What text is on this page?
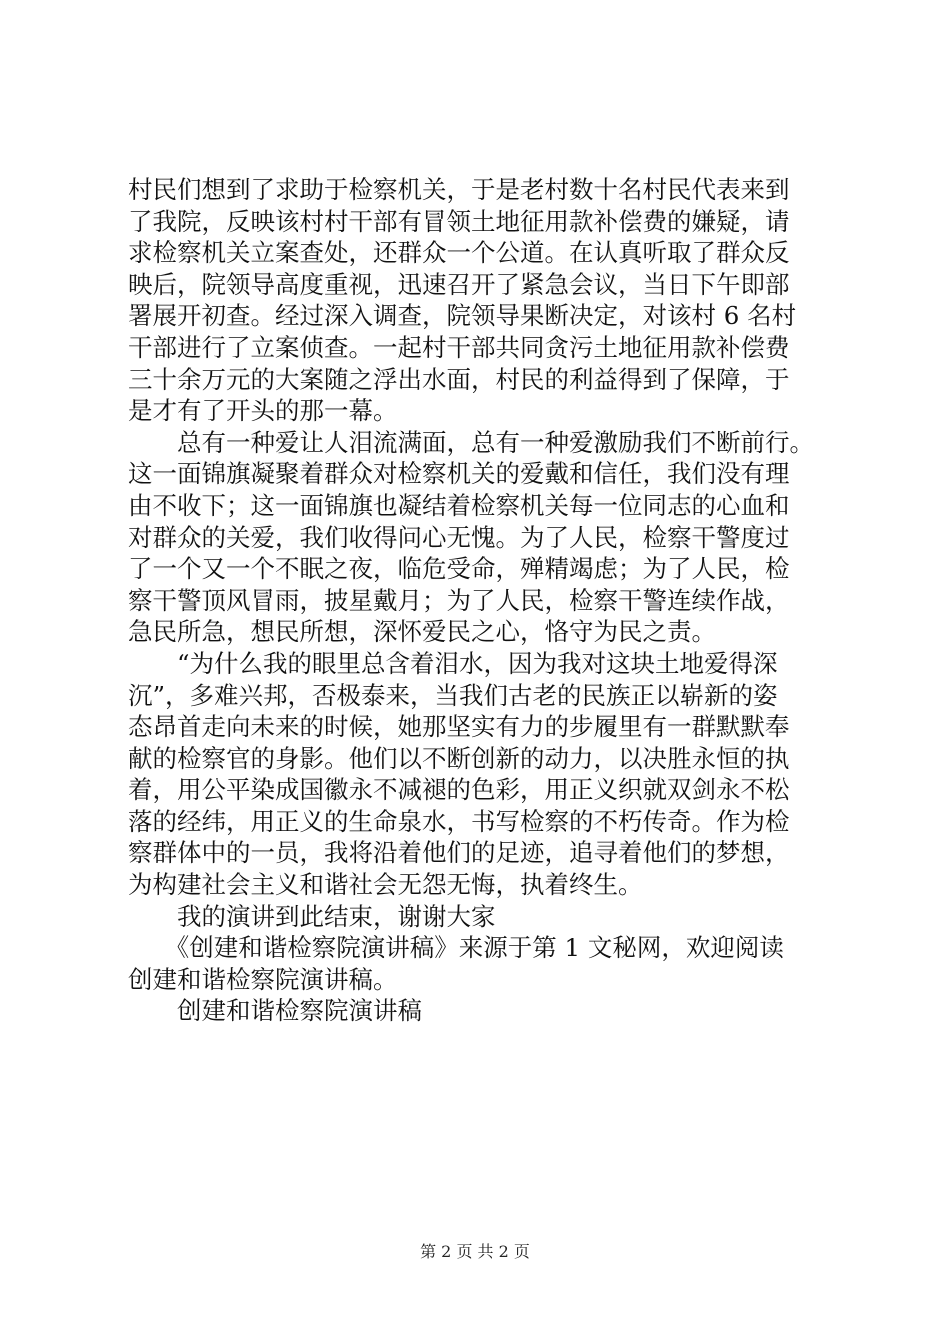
村民们想到了求助于检察机关，于是老村数十名村民代表来到
了我院，反映该村村干部有冒领土地征用款补偿费的嫌疑，请
求检察机关立案查处，还群众一个公道。在认真听取了群众反
映后，院领导高度重视，迅速召开了紧急会议，当日下午即部
署展开初查。经过深入调查，院领导果断决定，对该村 6 名村
干部进行了立案侦查。一起村干部共同贪污土地征用款补偿费
三十余万元的大案随之浮出水面，村民的利益得到了保障，于
是才有了开头的那一幕。
　　总有一种爱让人泪流满面，总有一种爱激励我们不断前行。
这一面锦旗凝聚着群众对检察机关的爱戴和信任，我们没有理
由不收下；这一面锦旗也凝结着检察机关每一位同志的心血和
对群众的关爱，我们收得问心无愧。为了人民，检察干警度过
了一个又一个不眠之夜，临危受命，殚精竭虑；为了人民，检
察干警顶风冒雨，披星戴月；为了人民，检察干警连续作战，
急民所急，想民所想，深怀爱民之心，恪守为民之责。
　　“为什么我的眼里总含着泪水，因为我对这块土地爱得深
沉”，多难兴邦，否极泰来，当我们古老的民族正以崭新的姿
态昂首走向未来的时候，她那坚实有力的步履里有一群默默奉
献的检察官的身影。他们以不断创新的动力，以决胜永恒的执
着，用公平染成国徽永不减褪的色彩，用正义织就双剑永不松
落的经纬，用正义的生命泉水，书写检察的不朽传奇。作为检
察群体中的一员，我将沿着他们的足迹，追寻着他们的梦想，
为构建社会主义和谐社会无怨无悔，执着终生。
　　我的演讲到此结束，谢谢大家
　　《创建和谐检察院演讲稿》来源于第 1 文秘网，欢迎阅读
创建和谐检察院演讲稿。
　　创建和谐检察院演讲稿
第 2 页 共 2 页
